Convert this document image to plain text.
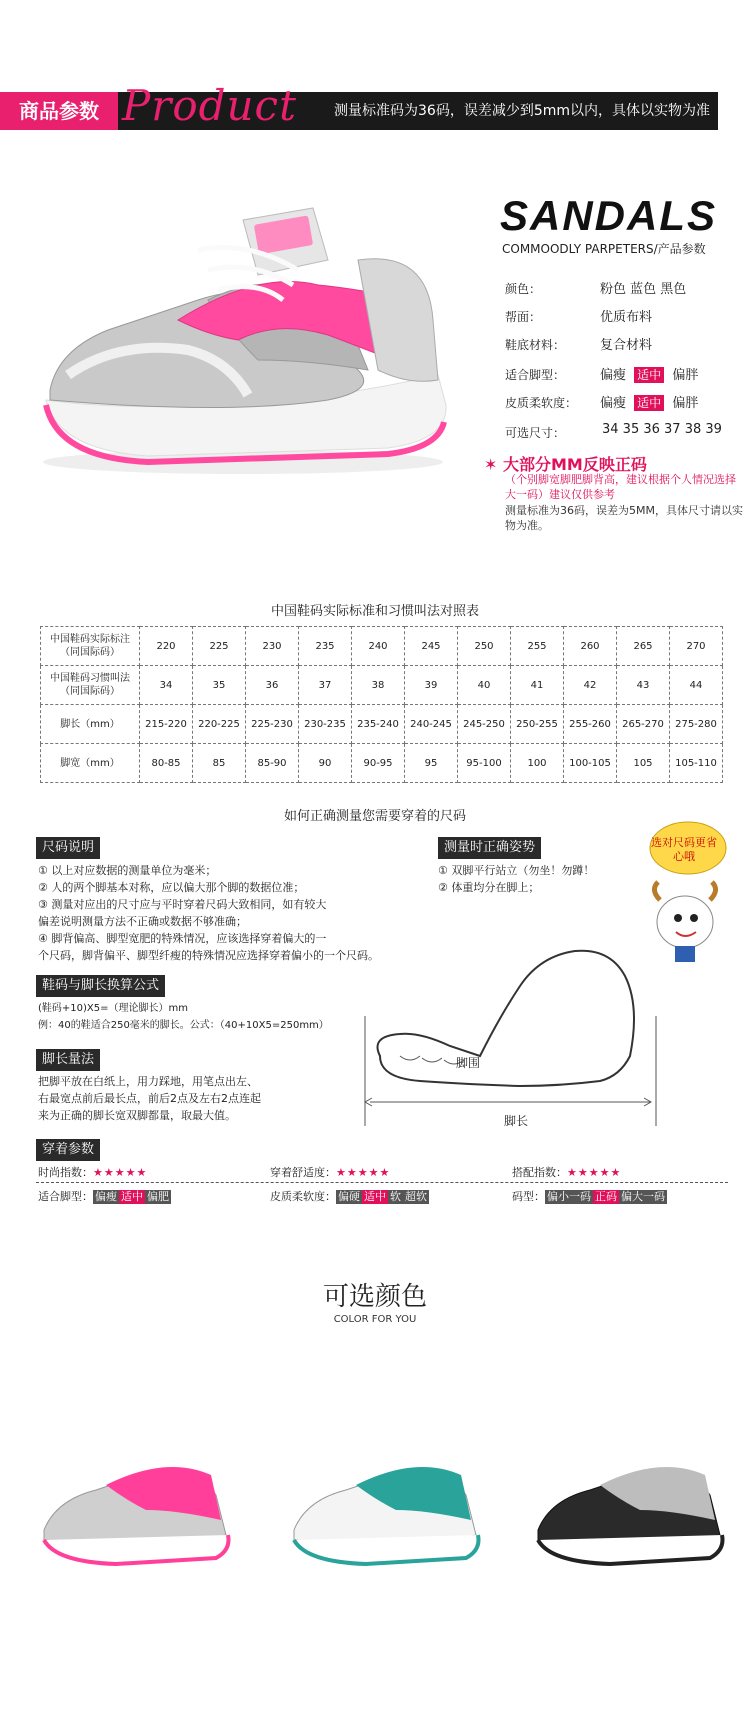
商品参数 Product	测量标准码为36码，误差减少到5mm以内，具体以实物为准
SANDALS
COMMOODLY PARPETERS/产品参数
颜色：	粉色 蓝色 黑色
帮面：	优质布料
鞋底材料：	复合材料
适合脚型：	偏瘦 适中 偏胖
皮质柔软度： 偏瘦 适中 偏胖
可选尺寸：	34 35 36 37 38 39
✶ 大部分MM反映正码
（个别脚宽脚肥脚背高，建议根据个人情况选择大一码）建议仅供参考
测量标准为36码，误差为5MM，具体尺寸请以实物为准。
中国鞋码实际标准和习惯叫法对照表
中国鞋码实际标注
（同国际码）	220	225	230	235	240	245	250	255	260	265	270
中国鞋码习惯叫法
（同国际码）	34	35	36	37	38	39	40	41	42	43	44
脚长（mm）	215-220	220-225	225-230	230-235	235-240	240-245	245-250	250-255	255-260	265-270	275-280
脚宽（mm）	80-85	85	85-90	90	90-95	95	95-100	100	100-105	105	105-110
如何正确测量您需要穿着的尺码
尺码说明
① 以上对应数据的测量单位为毫米；
② 人的两个脚基本对称，应以偏大那个脚的数据位准；
③ 测量对应出的尺寸应与平时穿着尺码大致相同，如有较大
偏差说明测量方法不正确或数据不够准确；
④ 脚背偏高、脚型宽肥的特殊情况，应该选择穿着偏大的一
个尺码，脚背偏平、脚型纤瘦的特殊情况应选择穿着偏小的一个尺码。
测量时正确姿势
① 双脚平行站立（勿坐！勿蹲！
② 体重均分在脚上；
选对尺码更省心哦
鞋码与脚长换算公式
(鞋码+10)X5=（理论脚长）mm
例：40的鞋适合250毫米的脚长。公式：（40+10X5=250mm）
脚长量法
把脚平放在白纸上，用力踩地，用笔点出左、
右最宽点前后最长点，前后2点及左右2点连起
来为正确的脚长宽双脚都量，取最大值。
脚围
脚长
穿着参数
时尚指数：★★★★★	穿着舒适度：★★★★★	搭配指数：★★★★★
适合脚型： 偏瘦 适中 偏肥	皮质柔软度： 偏硬 适中 软 超软	码型： 偏小一码 正码 偏大一码
可选颜色
COLOR FOR YOU
